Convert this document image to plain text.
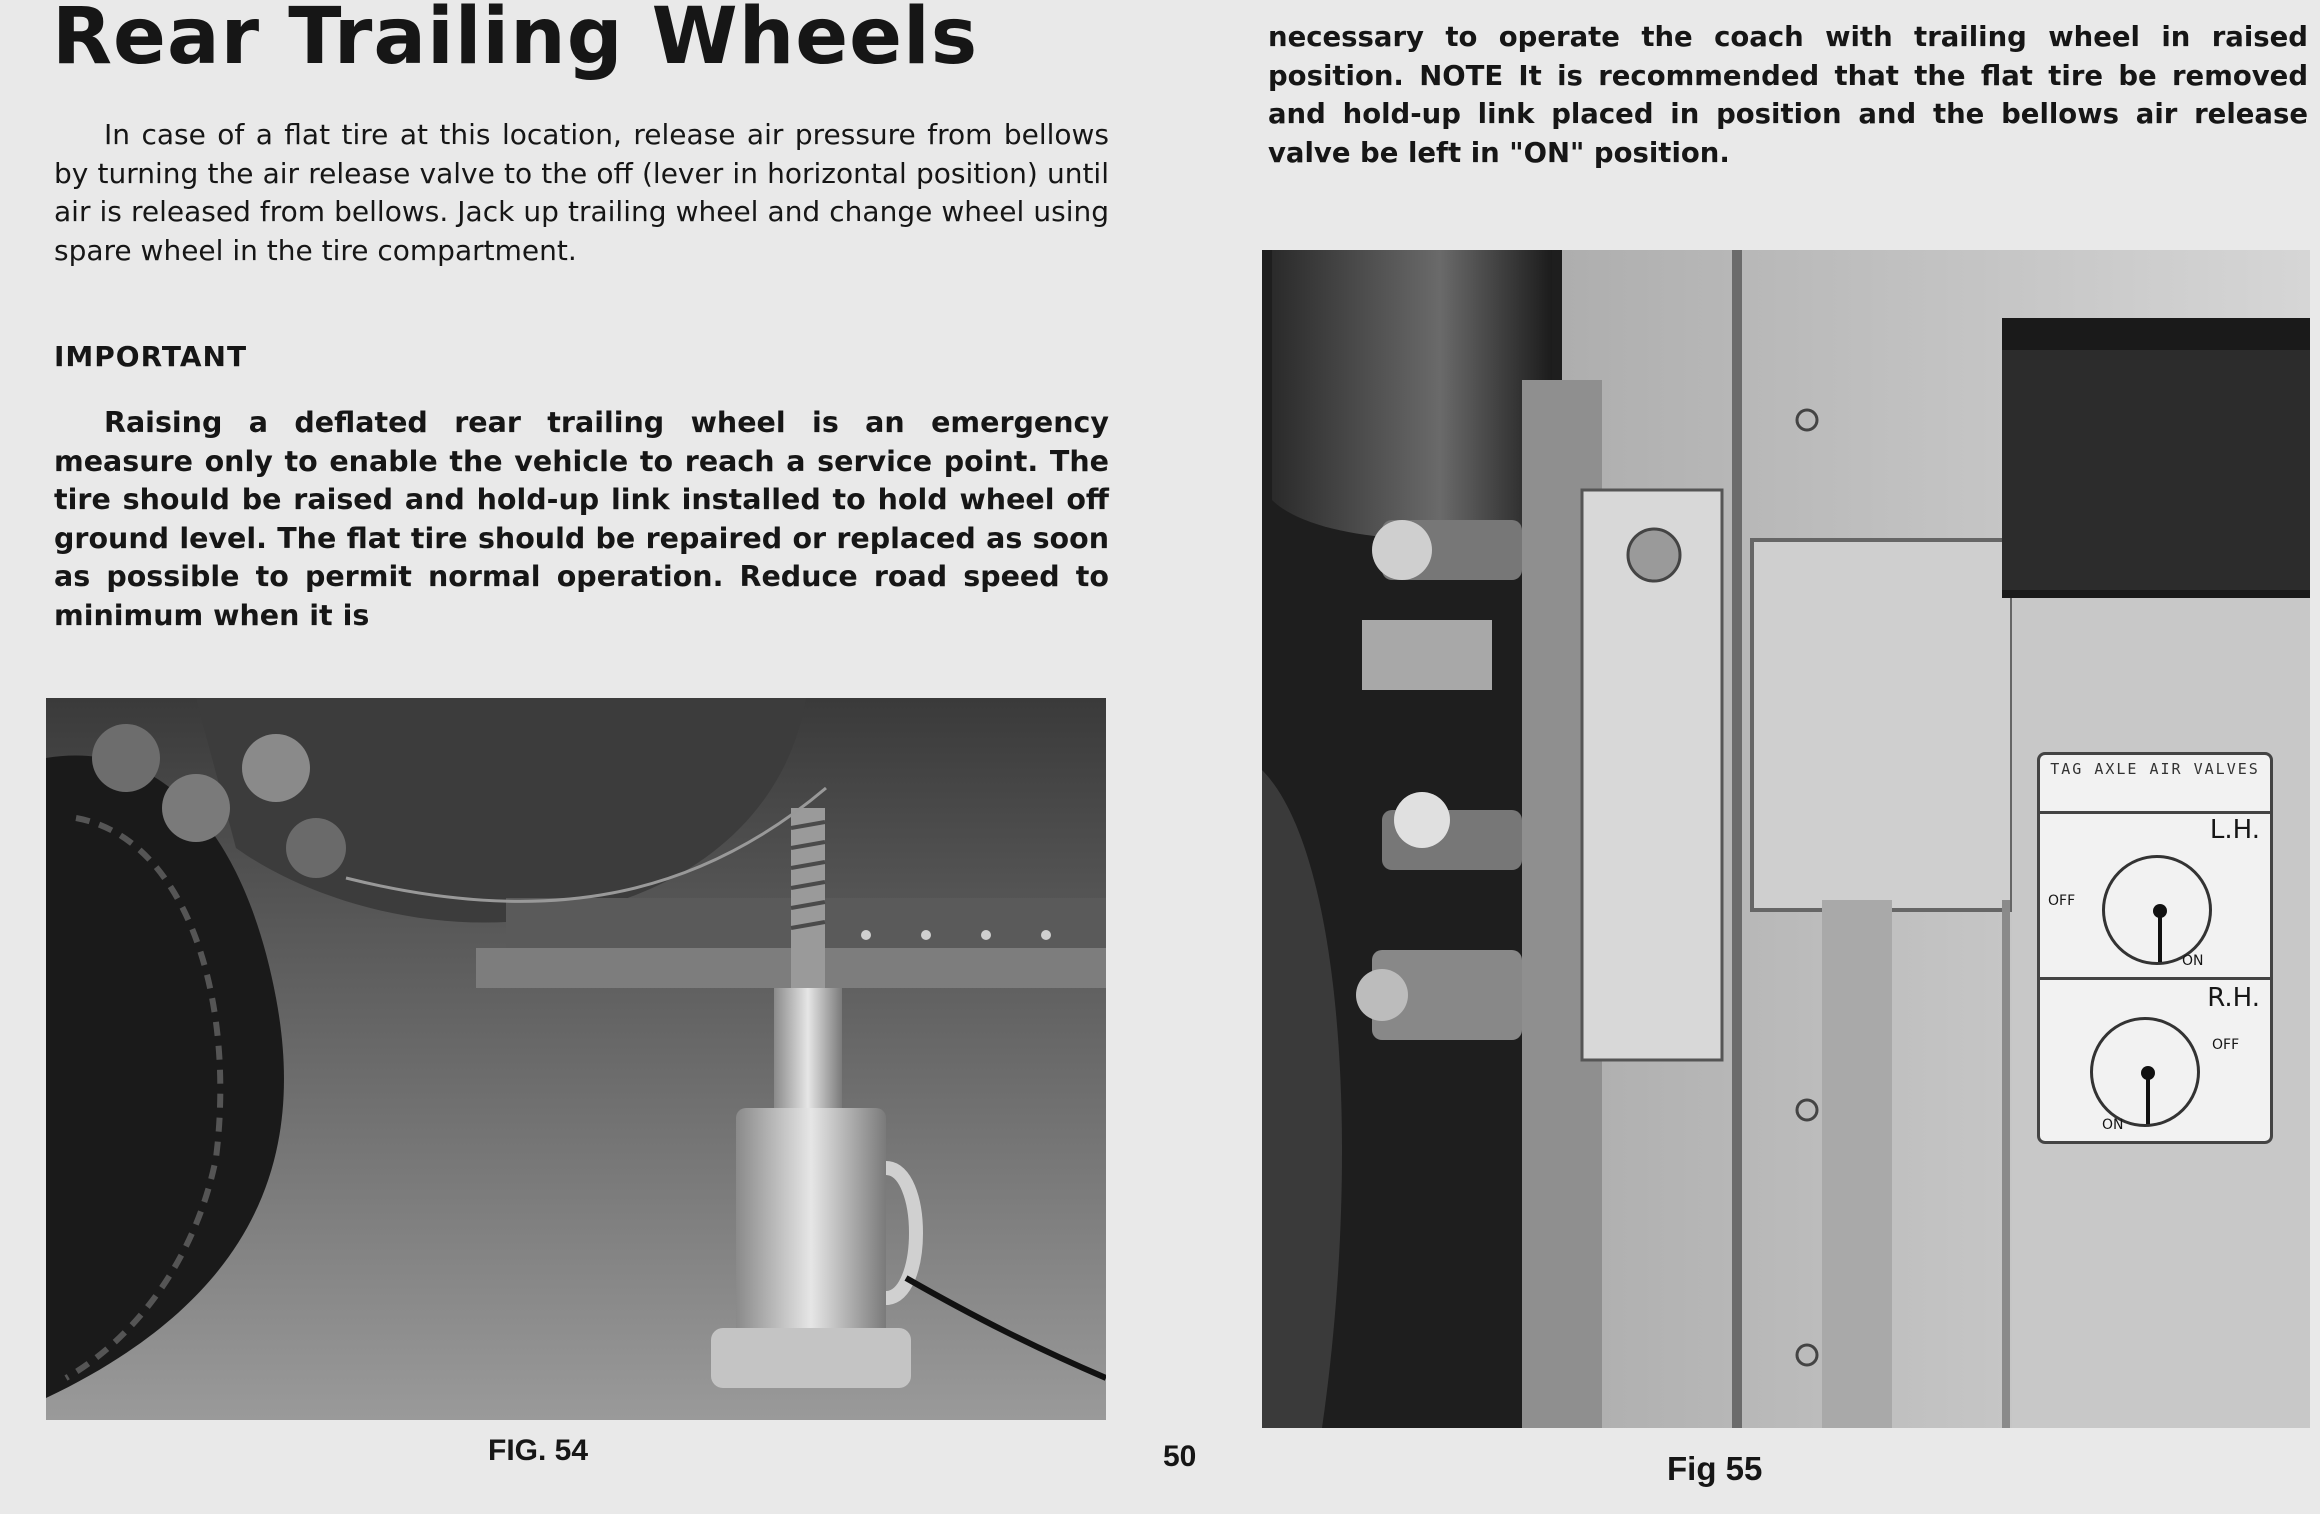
Rear Trailing Wheels

In case of a flat tire at this location, release air pressure from bellows by turning the air release valve to the off (lever in horizontal position) until air is released from bellows. Jack up trailing wheel and change wheel using spare wheel in the tire compartment.

IMPORTANT

Raising a deflated rear trailing wheel is an emergency measure only to enable the vehicle to reach a service point. The tire should be raised and hold-up link installed to hold wheel off ground level. The flat tire should be repaired or replaced as soon as possible to permit normal operation. Reduce road speed to minimum when it is

necessary to operate the coach with trailing wheel in raised position. NOTE It is recommended that the flat tire be removed and hold-up link placed in position and the bellows air release valve be left in "ON" position.

TAG AXLE AIR VALVES
L.H.
OFF
ON
R.H.
OFF
ON
FIG. 54	50	Fig 55
